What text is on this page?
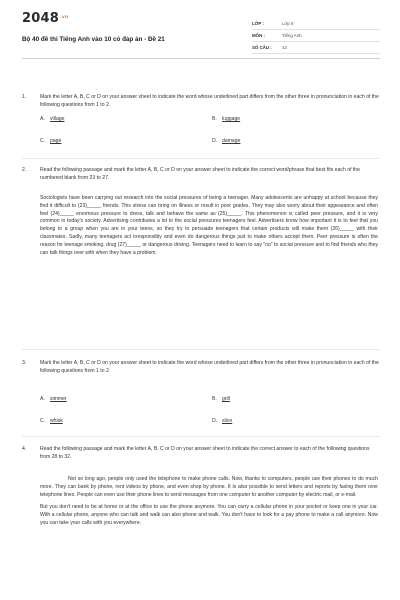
$2048^{.vn}$
Bộ 40 đề thi Tiếng Anh vào 10 có đáp án - Đề 21
LỚP :	Lớp 9
MÔN :	Tiếng Anh
SỐ CÂU :	42
1.	Mark the letter A, B, C or D on your answer sheet to indicate the word whose underlined part differs from the other three in pronunciation in each of the following questions from 1 to 2.
A. village	B. luggage
C. page	D. damage
2.	Read the following passage and mark the letter A, B, C or D on your answer sheet to indicate the correct word/phrase that best fits each of the numbered blank from 23 to 27.

Sociologists have been carrying out research into the social pressures of being a teenager. Many adolescents are unhappy at school because they find it difficult to (23)_____ friends. This stress can bring on illness or result in poor grades. They may also worry about their appearance and often feel (24)_____ enormous pressure to dress, talk and behave the same as (25)_____. This phenomenon is called peer pressure, and it is very common in today's society. Advertising contributes a lot to the social pressures teenagers feel. Advertisers know how important it is to feel that you belong to a group when you are in your teens, so they try to persuade teenagers that certain products will make them (26)_____ with their classmates. Sadly, many teenagers act irresponsibly and even do dangerous things just to make others accept them. Peer pressure is often the reason for teenage smoking, drug (27)_____ or dangerous driving. Teenagers need to learn to say "no" to social pressure and to find friends who they can talk things over with when they have a problem.

3.	Mark the letter A, B, C or D on your answer sheet to indicate the word whose underlined part differs from the other three in pronunciation in each of the following questions from 1 to 2.
A. simmer	B. grill
C. whisk	D. slice
4.	Read the following passage and mark the letter A, B, C or D on your answer sheet to indicate the correct answer to each of the following questions from 28 to 32.

Not so long ago, people only used the telephone to make phone calls. Now, thanks to computers, people use their phones to do much more. They can bank by phone, rent videos by phone, and even shop by phone. It is also possible to send letters and reports by faxing them over telephone lines. People can even use their phone lines to send messages from one computer to another computer by electric mail, or e-mail.

But you don't need to be at home or at the office to use the phone anymore. You can carry a cellular phone in your pocket or keep one in your car. With a cellular phone, anyone who can talk and walk can also phone and walk. You don't have to look for a pay phone to make a call anymore. Now you can take your calls with you everywhere.
